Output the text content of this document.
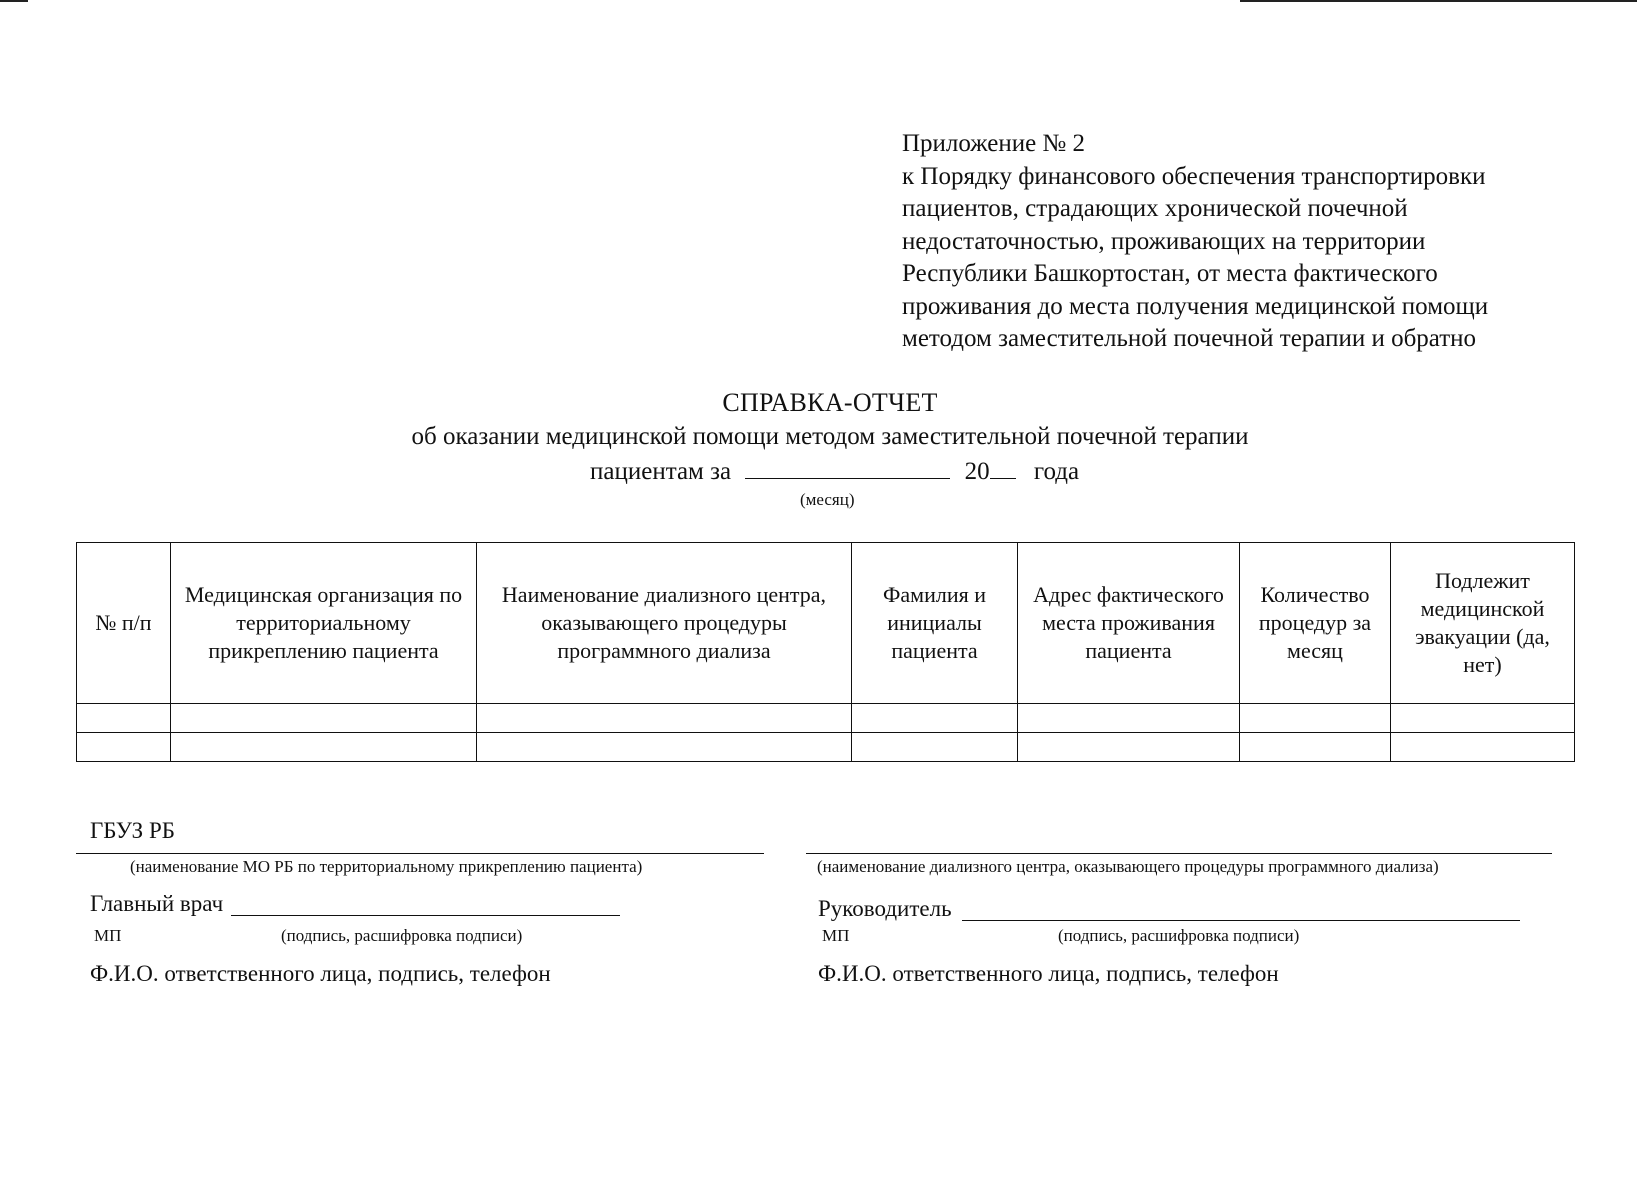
Приложение № 2
к Порядку финансового обеспечения транспортировки
пациентов, страдающих хронической почечной
недостаточностью, проживающих на территории
Республики Башкортостан, от места фактического
проживания до места получения медицинской помощи
методом заместительной почечной терапии и обратно
СПРАВКА-ОТЧЕТ
об оказании медицинской помощи методом заместительной почечной терапии
пациентам за	20 года
(месяц)
№ п/п	Медицинская организация по территориальному прикреплению пациента	Наименование диализного центра, оказывающего процедуры программного диализа	Фамилия и инициалы пациента	Адрес фактического места проживания пациента	Количество процедур за месяц	Подлежит медицинской эвакуации (да, нет)

ГБУЗ РБ
(наименование МО РБ по территориальному прикреплению пациента)
Главный врач
МП	(подпись, расшифровка подписи)
Ф.И.О. ответственного лица, подпись, телефон
(наименование диализного центра, оказывающего процедуры программного диализа)
Руководитель
МП	(подпись, расшифровка подписи)
Ф.И.О. ответственного лица, подпись, телефон
